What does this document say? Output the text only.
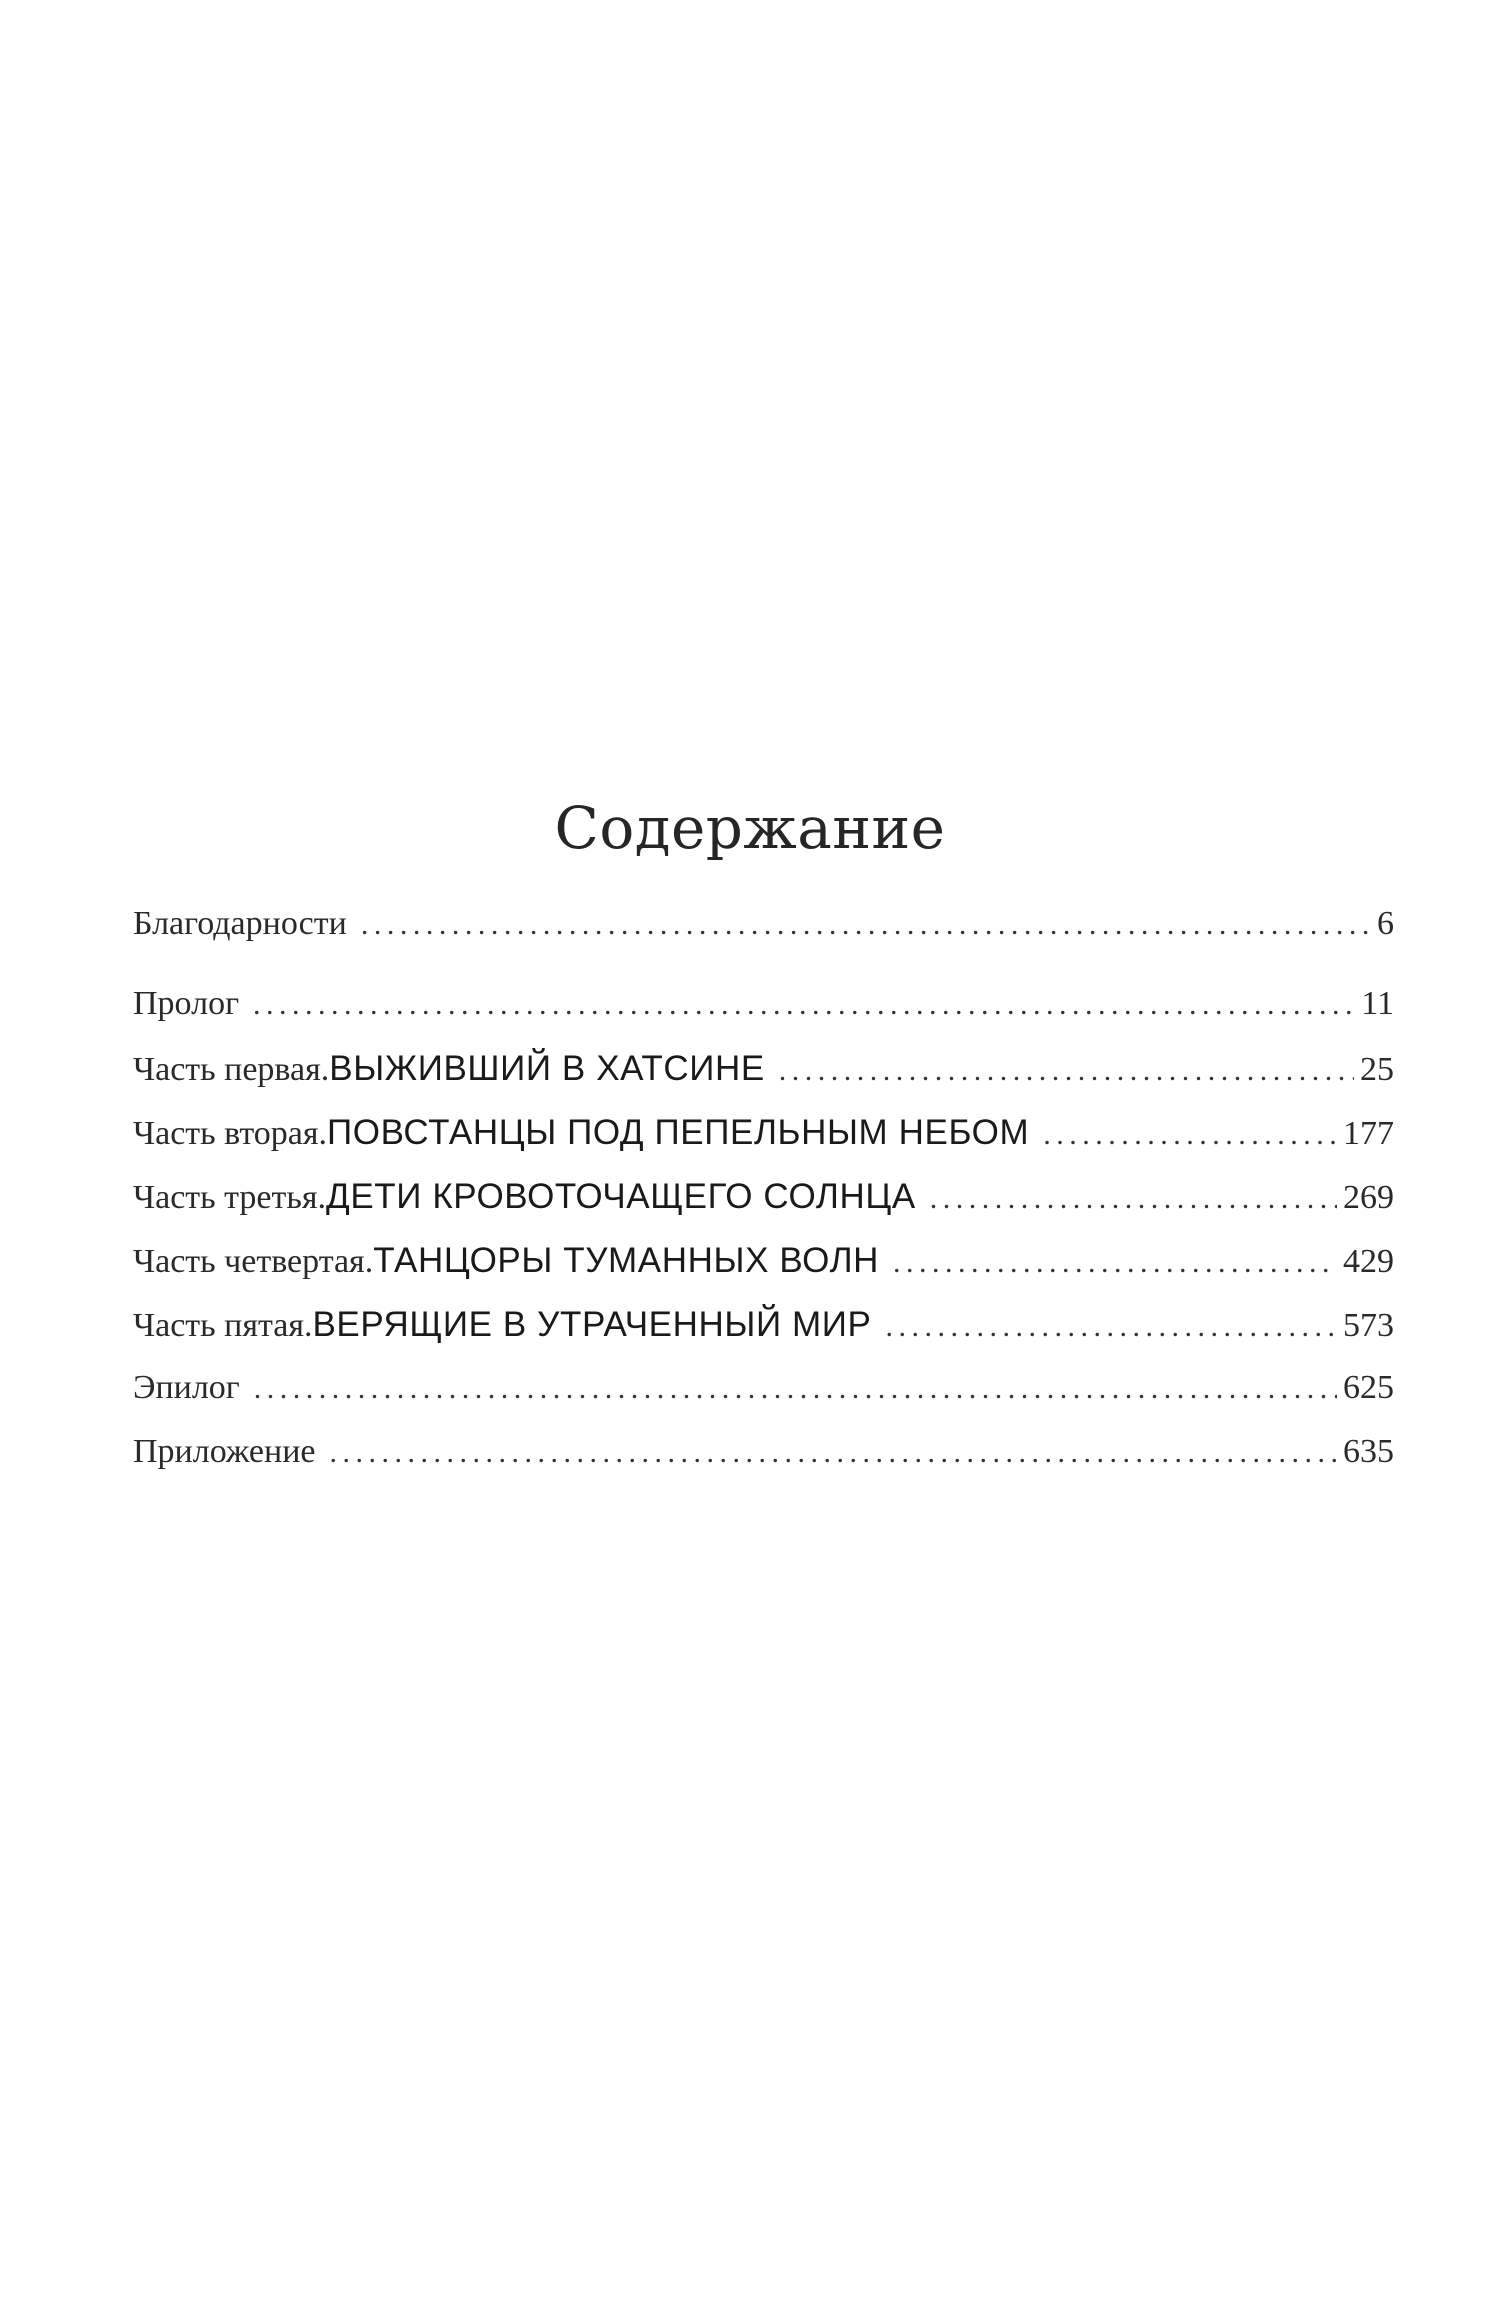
Содержание
Благодарности . . .	6
Пролог . . .	11
Часть первая. ВЫЖИВШИЙ В ХАТСИНЕ . . .	25
Часть вторая. ПОВСТАНЦЫ ПОД ПЕПЕЛЬНЫМ НЕБОМ . . .	177
Часть третья. ДЕТИ КРОВОТОЧАЩЕГО СОЛНЦА . . .	269
Часть четвертая. ТАНЦОРЫ ТУМАННЫХ ВОЛН . . .	429
Часть пятая. ВЕРЯЩИЕ В УТРАЧЕННЫЙ МИР . . .	573
Эпилог . . .	625
Приложение . . .	635
